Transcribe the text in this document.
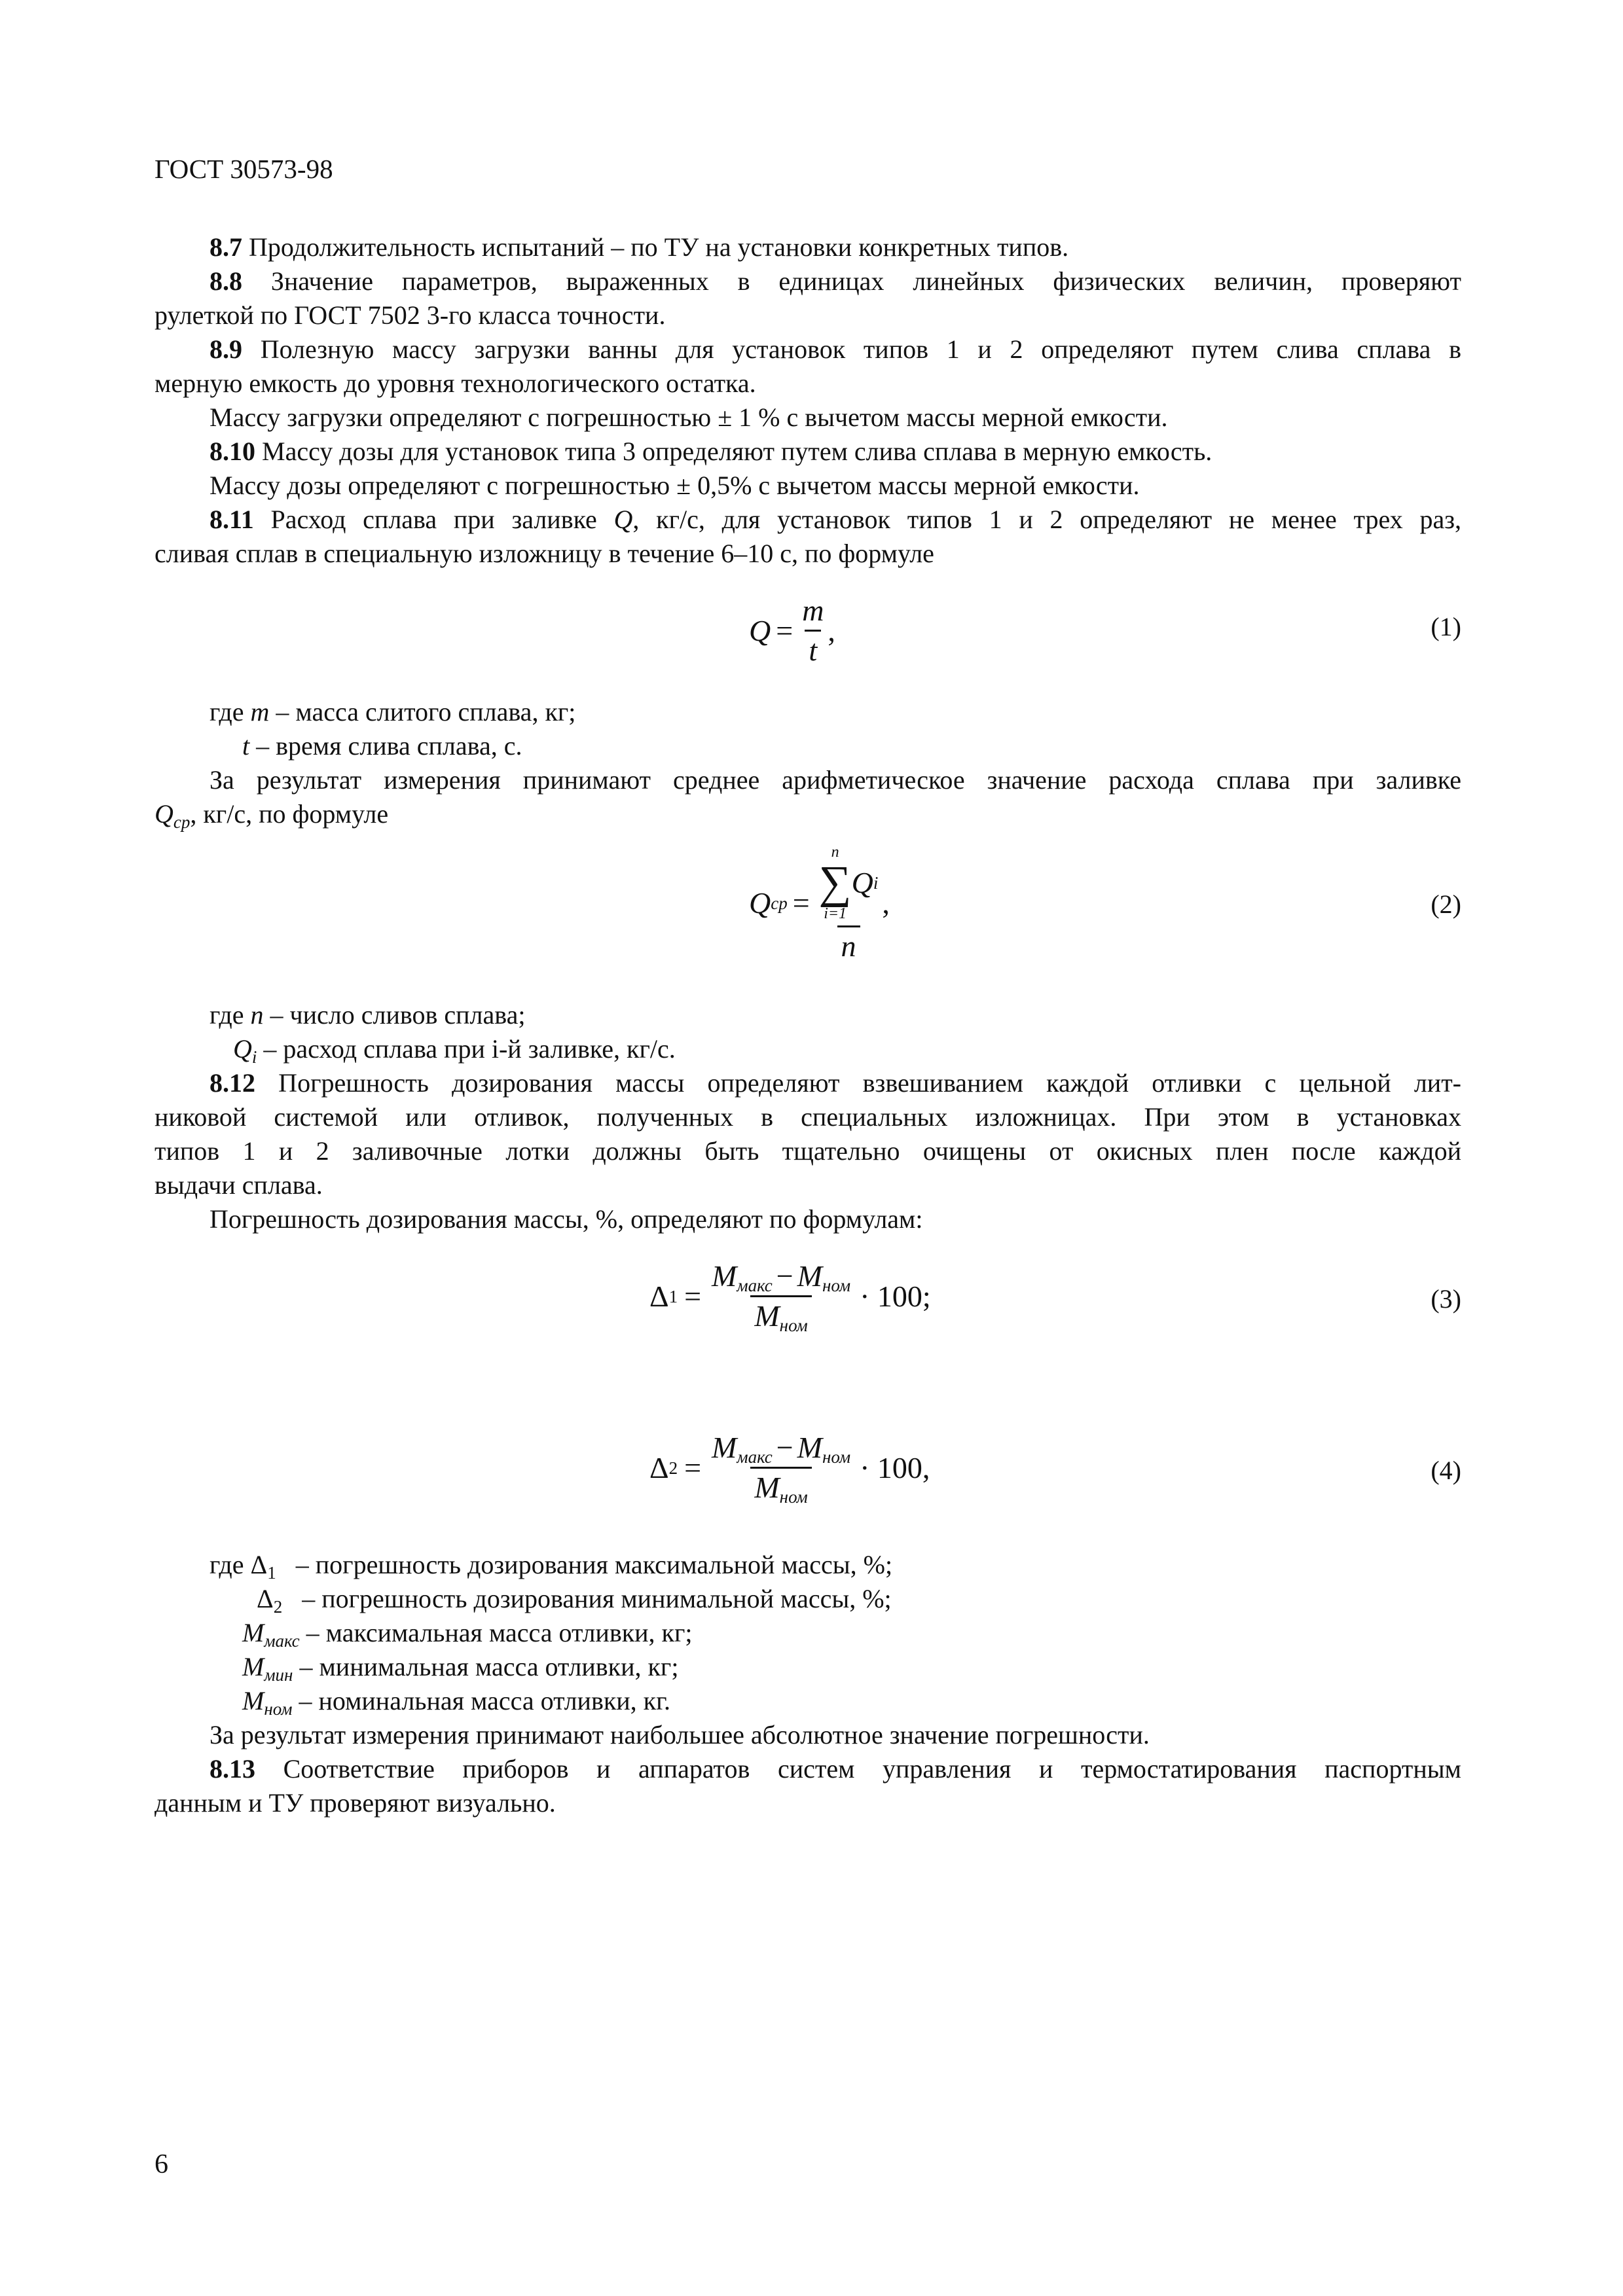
ГОСТ 30573-98

8.7 Продолжительность испытаний – по ТУ на установки конкретных типов.

8.8 Значение параметров, выраженных в единицах линейных физических величин, проверяют

рулеткой по ГОСТ 7502 3-го класса точности.

8.9 Полезную массу загрузки ванны для установок типов 1 и 2 определяют путем слива сплава в

мерную емкость до уровня технологического остатка.

Массу загрузки определяют с погрешностью ± 1 % с вычетом массы мерной емкости.

8.10 Массу дозы для установок типа 3 определяют путем слива сплава в мерную емкость.

Массу дозы определяют с погрешностью ± 0,5% с вычетом массы мерной емкости.

8.11 Расход сплава при заливке Q, кг/с, для установок типов 1 и 2 определяют не менее трех раз,

сливая сплав в специальную изложницу в течение 6–10 с, по формуле

$Q = \frac{m}{t}$ ,	(1)

где m – масса слитого сплава, кг;

t – время слива сплава, с.

За результат измерения принимают среднее арифметическое значение расхода сплава при заливке

$Q_{ср}$, кг/с, по формуле

Q ср =
n
∑
i=1
Q i
n
,	(2)

где n – число сливов сплава;

$Q_i$ – расход сплава при i-й заливке, кг/с.

8.12 Погрешность дозирования массы определяют взвешиванием каждой отливки с цельной лит-

никовой системой или отливок, полученных в специальных изложницах. При этом в установках

типов 1 и 2 заливочные лотки должны быть тщательно очищены от окисных плен после каждой

выдачи сплава.

Погрешность дозирования массы, %, определяют по формулам:

Δ $1 = \frac{M_{макс} - M_{ном}}{M_{ном}} \cdot 100$;	(3)
Δ $2 = \frac{M_{макс} - M_{ном}}{M_{ном}} \cdot 100$,	(4)

где $\Delta_1$   – погрешность дозирования максимальной массы, %;

$\Delta_2$   – погрешность дозирования минимальной массы, %;

$M_{макс}$ – максимальная масса отливки, кг;

$M_{мин}$ – минимальная масса отливки, кг;

$M_{ном}$ – номинальная масса отливки, кг.

За результат измерения принимают наибольшее абсолютное значение погрешности.

8.13 Соответствие приборов и аппаратов систем управления и термостатирования паспортным

данным и ТУ проверяют визуально.

6
